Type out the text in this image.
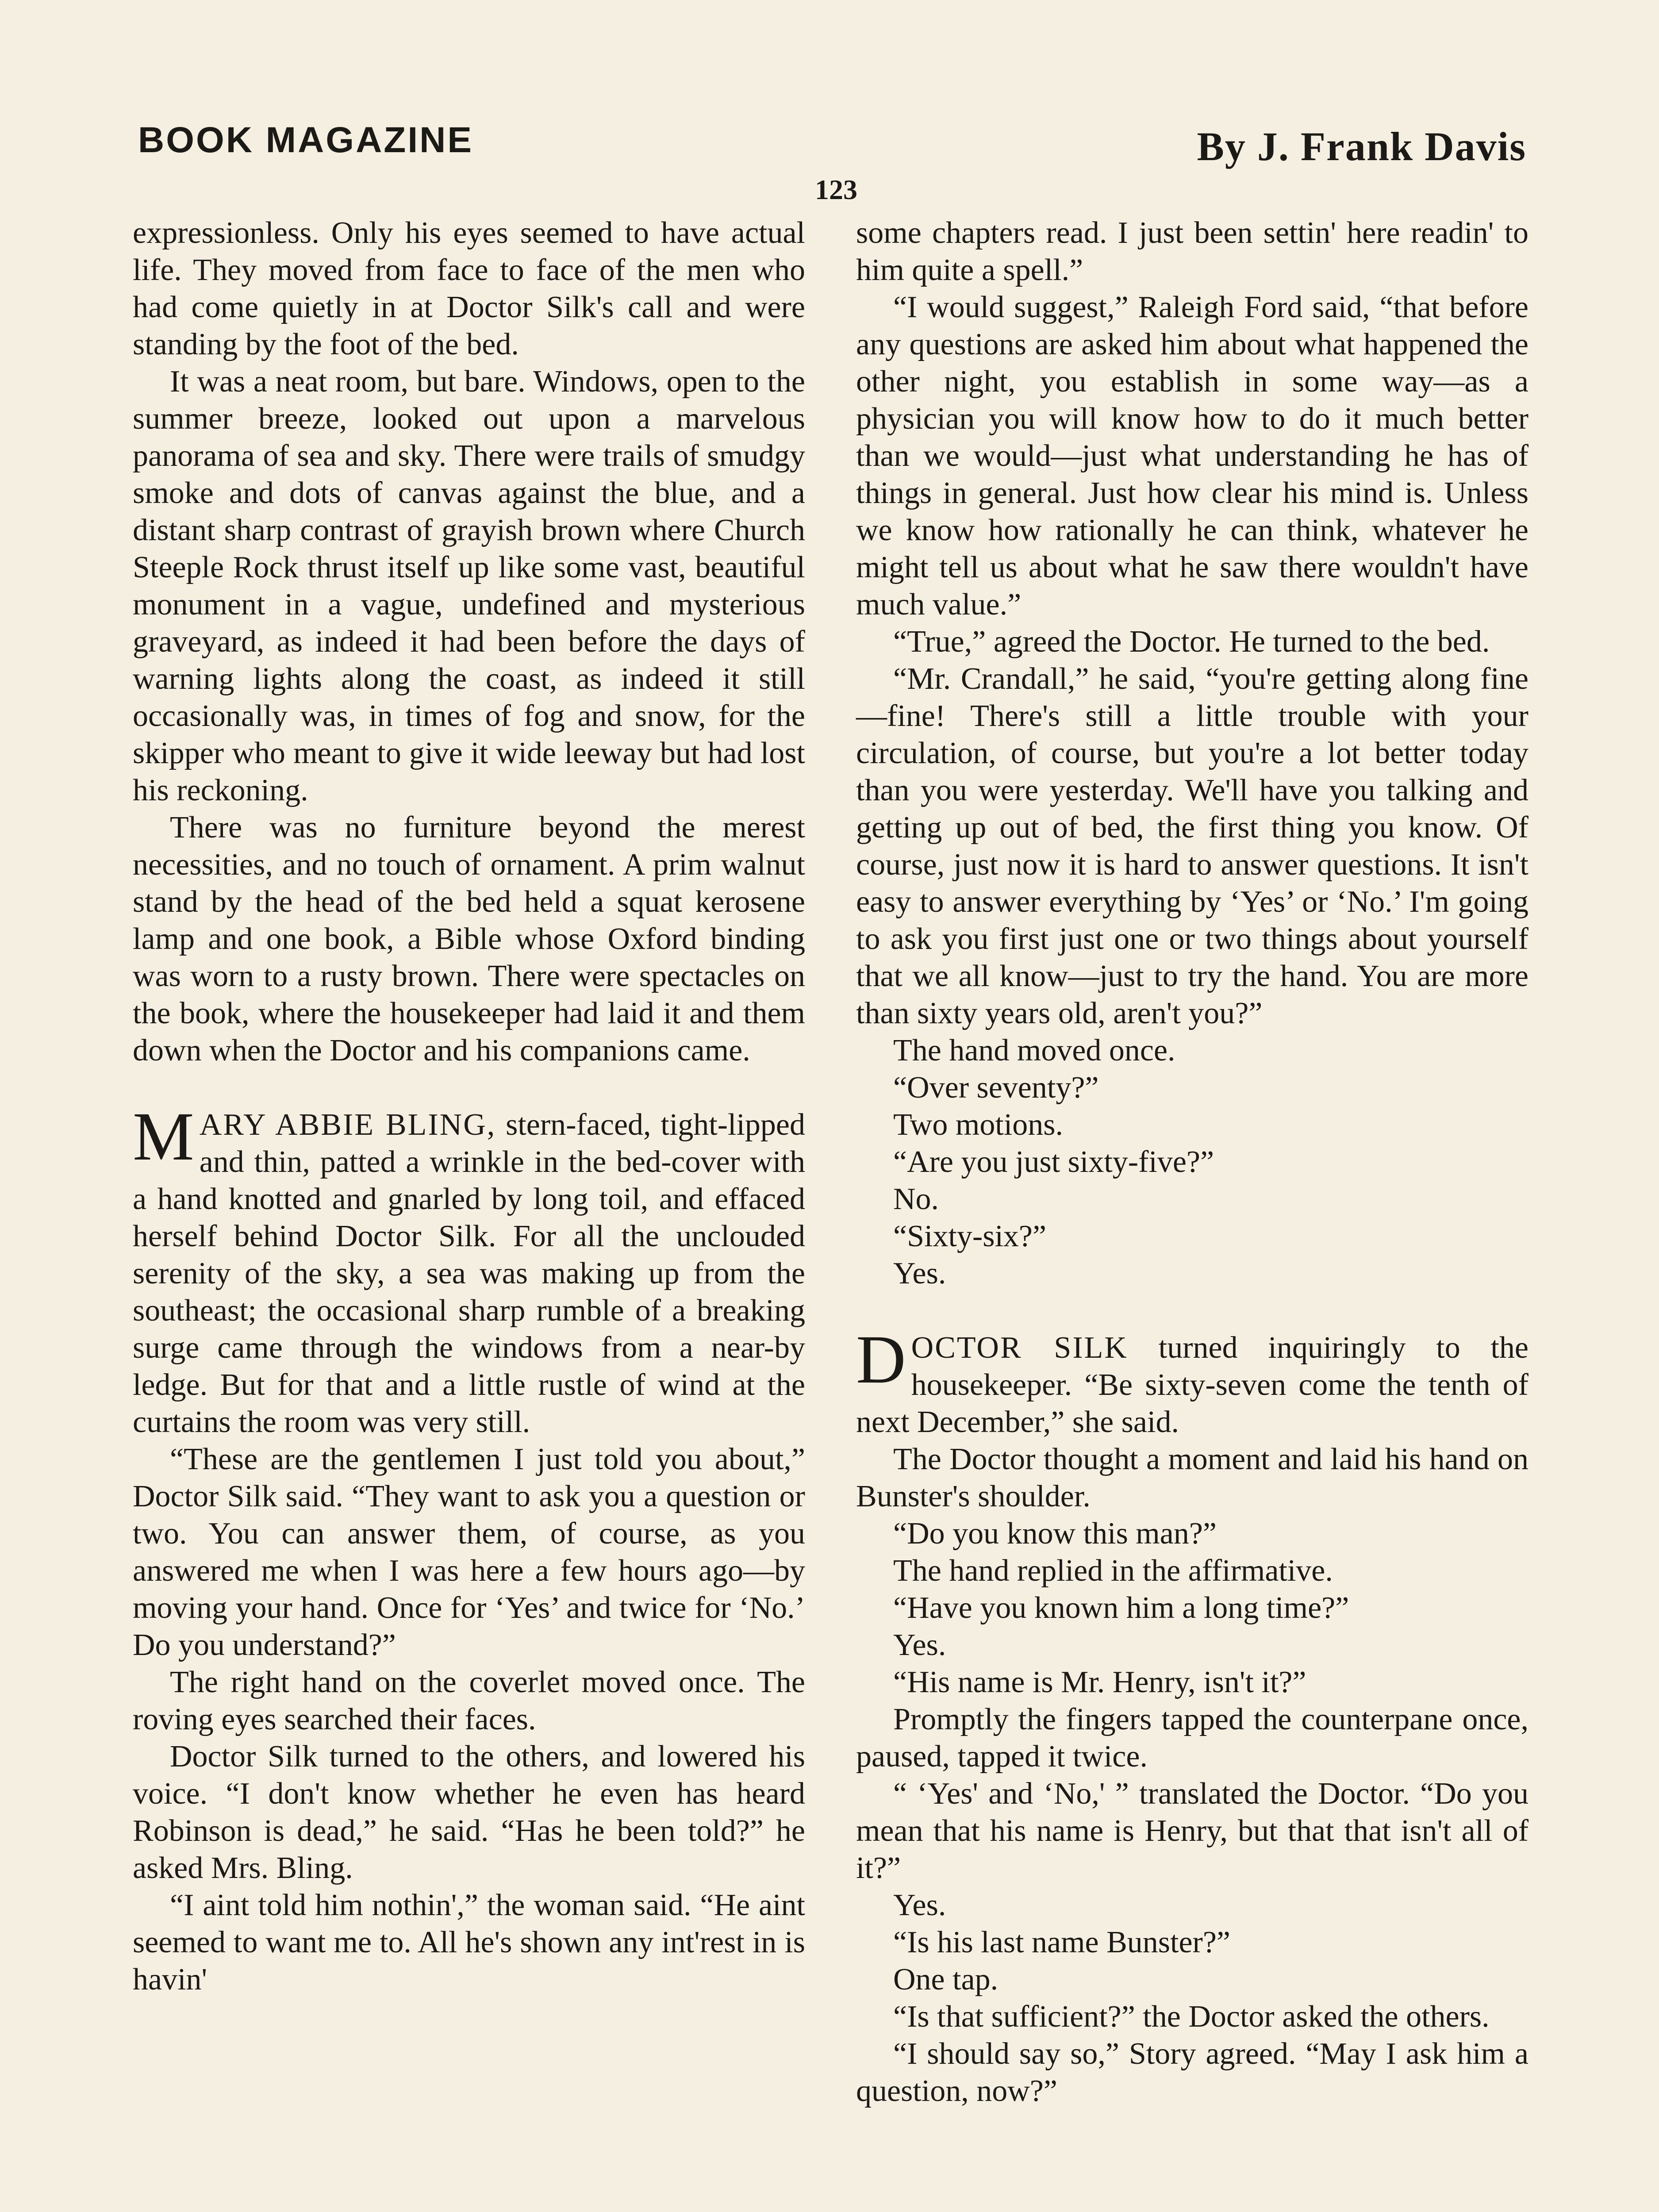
BOOK MAGAZINE	By J. Frank Davis
123

expressionless. Only his eyes seemed to have actual life. They moved from face to face of the men who had come quietly in at Doctor Silk's call and were standing by the foot of the bed.

It was a neat room, but bare. Windows, open to the summer breeze, looked out upon a marvelous panorama of sea and sky. There were trails of smudgy smoke and dots of canvas against the blue, and a distant sharp contrast of grayish brown where Church Steeple Rock thrust itself up like some vast, beautiful monument in a vague, undefined and mysterious graveyard, as indeed it had been before the days of warning lights along the coast, as indeed it still occasionally was, in times of fog and snow, for the skipper who meant to give it wide leeway but had lost his reckoning.

There was no furniture beyond the merest necessities, and no touch of ornament. A prim walnut stand by the head of the bed held a squat kerosene lamp and one book, a Bible whose Oxford binding was worn to a rusty brown. There were spectacles on the book, where the housekeeper had laid it and them down when the Doctor and his companions came.

MARY ABBIE BLING, stern-faced, tight-lipped and thin, patted a wrinkle in the bed-cover with a hand knotted and gnarled by long toil, and effaced herself behind Doctor Silk. For all the unclouded serenity of the sky, a sea was making up from the southeast; the occasional sharp rumble of a breaking surge came through the windows from a near-by ledge. But for that and a little rustle of wind at the curtains the room was very still.

“These are the gentlemen I just told you about,” Doctor Silk said. “They want to ask you a question or two. You can answer them, of course, as you answered me when I was here a few hours ago—by moving your hand. Once for ‘Yes’ and twice for ‘No.’ Do you understand?”

The right hand on the coverlet moved once. The roving eyes searched their faces.

Doctor Silk turned to the others, and lowered his voice. “I don't know whether he even has heard Robinson is dead,” he said. “Has he been told?” he asked Mrs. Bling.

“I aint told him nothin',” the woman said. “He aint seemed to want me to. All he's shown any int'rest in is havin'

some chapters read. I just been settin' here readin' to him quite a spell.”

“I would suggest,” Raleigh Ford said, “that before any questions are asked him about what happened the other night, you establish in some way—as a physician you will know how to do it much better than we would—just what understanding he has of things in general. Just how clear his mind is. Unless we know how rationally he can think, whatever he might tell us about what he saw there wouldn't have much value.”

“True,” agreed the Doctor. He turned to the bed.

“Mr. Crandall,” he said, “you're getting along fine—fine! There's still a little trouble with your circulation, of course, but you're a lot better today than you were yesterday. We'll have you talking and getting up out of bed, the first thing you know. Of course, just now it is hard to answer questions. It isn't easy to answer everything by ‘Yes’ or ‘No.’ I'm going to ask you first just one or two things about yourself that we all know—just to try the hand. You are more than sixty years old, aren't you?”

The hand moved once.

“Over seventy?”

Two motions.

“Are you just sixty-five?”

No.

“Sixty-six?”

Yes.

DOCTOR SILK turned inquiringly to the housekeeper. “Be sixty-seven come the tenth of next December,” she said.

The Doctor thought a moment and laid his hand on Bunster's shoulder.

“Do you know this man?”

The hand replied in the affirmative.

“Have you known him a long time?”

Yes.

“His name is Mr. Henry, isn't it?”

Promptly the fingers tapped the counterpane once, paused, tapped it twice.

“ ‘Yes' and ‘No,' ” translated the Doctor. “Do you mean that his name is Henry, but that that isn't all of it?”

Yes.

“Is his last name Bunster?”

One tap.

“Is that sufficient?” the Doctor asked the others.

“I should say so,” Story agreed. “May I ask him a question, now?”
